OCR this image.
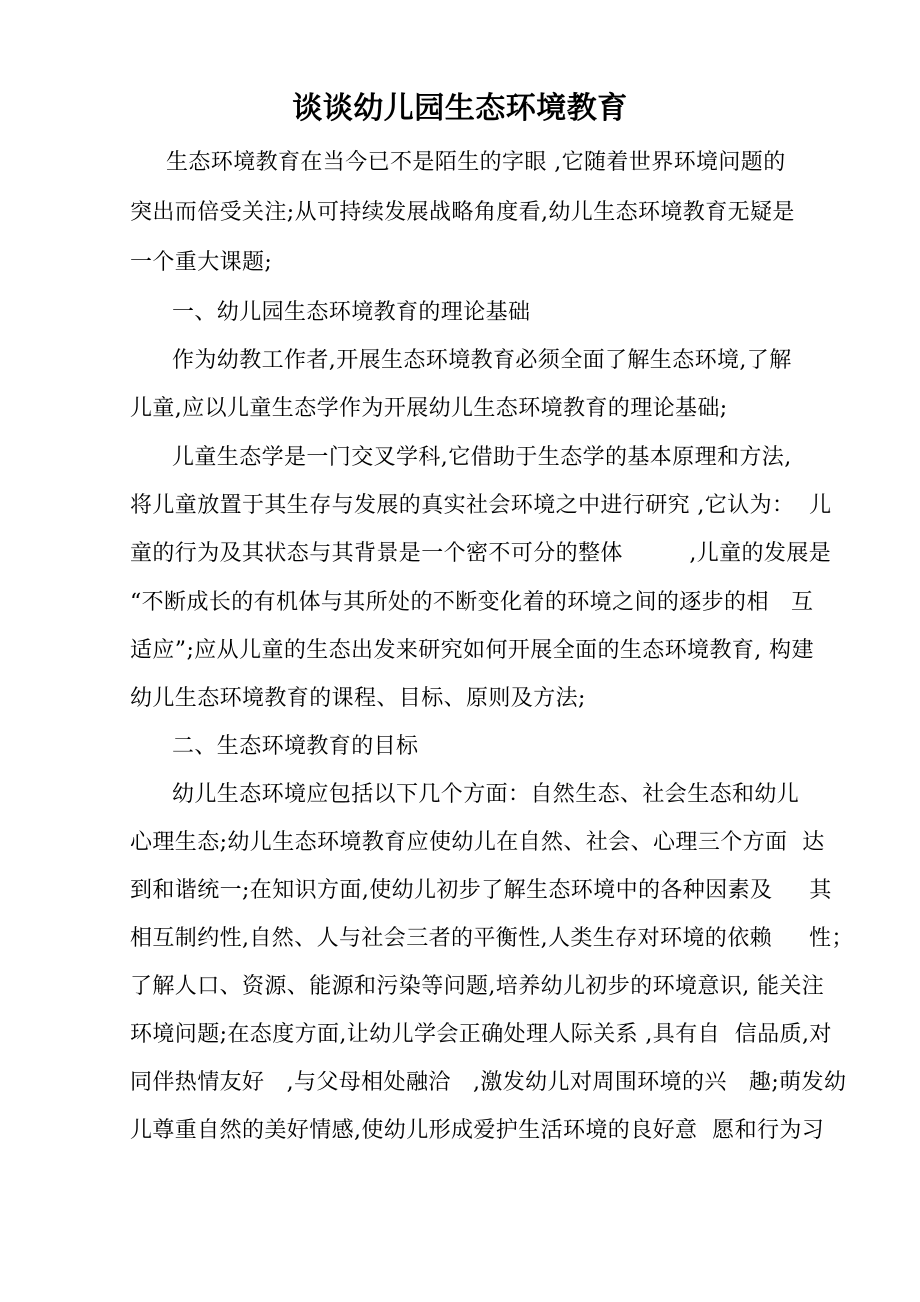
谈谈幼儿园生态环境教育
生态环境教育在当今已不是陌生的字眼 ,它随着世界环境问题的
突出而倍受关注;从可持续发展战略角度看,幼儿生态环境教育无疑是
一个重大课题;
一、幼儿园生态环境教育的理论基础
作为幼教工作者,开展生态环境教育必须全面了解生态环境,了解
儿童,应以儿童生态学作为开展幼儿生态环境教育的理论基础;
儿童生态学是一门交叉学科,它借助于生态学的基本原理和方法,
将儿童放置于其生存与发展的真实社会环境之中进行研究 ,它认为：  儿
童的行为及其状态与其背景是一个密不可分的整体         ,儿童的发展是
“不断成长的有机体与其所处的不断变化着的环境之间的逐步的相   互
适应”;应从儿童的生态出发来研究如何开展全面的生态环境教育, 构建
幼儿生态环境教育的课程、目标、原则及方法;
二、生态环境教育的目标
幼儿生态环境应包括以下几个方面：自然生态、社会生态和幼儿
心理生态;幼儿生态环境教育应使幼儿在自然、社会、心理三个方面  达
到和谐统一;在知识方面,使幼儿初步了解生态环境中的各种因素及     其
相互制约性,自然、人与社会三者的平衡性,人类生存对环境的依赖     性；
了解人口、资源、能源和污染等问题,培养幼儿初步的环境意识, 能关注
环境问题;在态度方面,让幼儿学会正确处理人际关系 ,具有自  信品质,对
同伴热情友好   ,与父母相处融洽   ,激发幼儿对周围环境的兴   趣;萌发幼
儿尊重自然的美好情感,使幼儿形成爱护生活环境的良好意  愿和行为习
